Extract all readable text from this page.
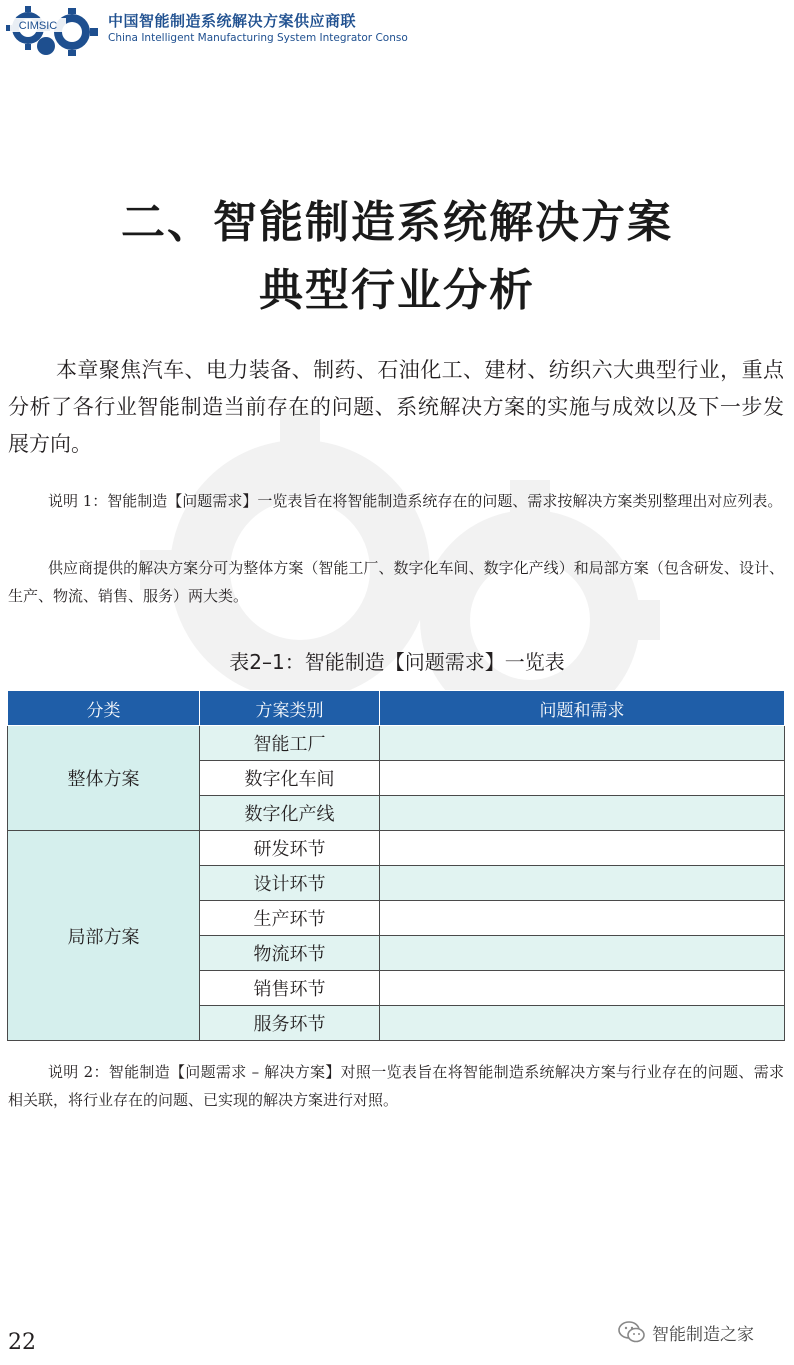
CIMSIC	中国智能制造系统解决方案供应商联
China Intelligent Manufacturing System Integrator Conso
二、智能制造系统解决方案
典型行业分析

本章聚焦汽车、电力装备、制药、石油化工、建材、纺织六大典型行业，重点分析了各行业智能制造当前存在的问题、系统解决方案的实施与成效以及下一步发展方向。

说明 1：智能制造【问题需求】一览表旨在将智能制造系统存在的问题、需求按解决方案类别整理出对应列表。

供应商提供的解决方案分可为整体方案（智能工厂、数字化车间、数字化产线）和局部方案（包含研发、设计、生产、物流、销售、服务）两大类。

表2–1：智能制造【问题需求】一览表
分类	方案类别	问题和需求
整体方案	智能工厂	
	数字化车间	
	数字化产线	
局部方案	研发环节	
	设计环节	
	生产环节	
	物流环节	
	销售环节	
	服务环节	

说明 2：智能制造【问题需求 – 解决方案】对照一览表旨在将智能制造系统解决方案与行业存在的问题、需求相关联，将行业存在的问题、已实现的解决方案进行对照。

22	智能制造之家
